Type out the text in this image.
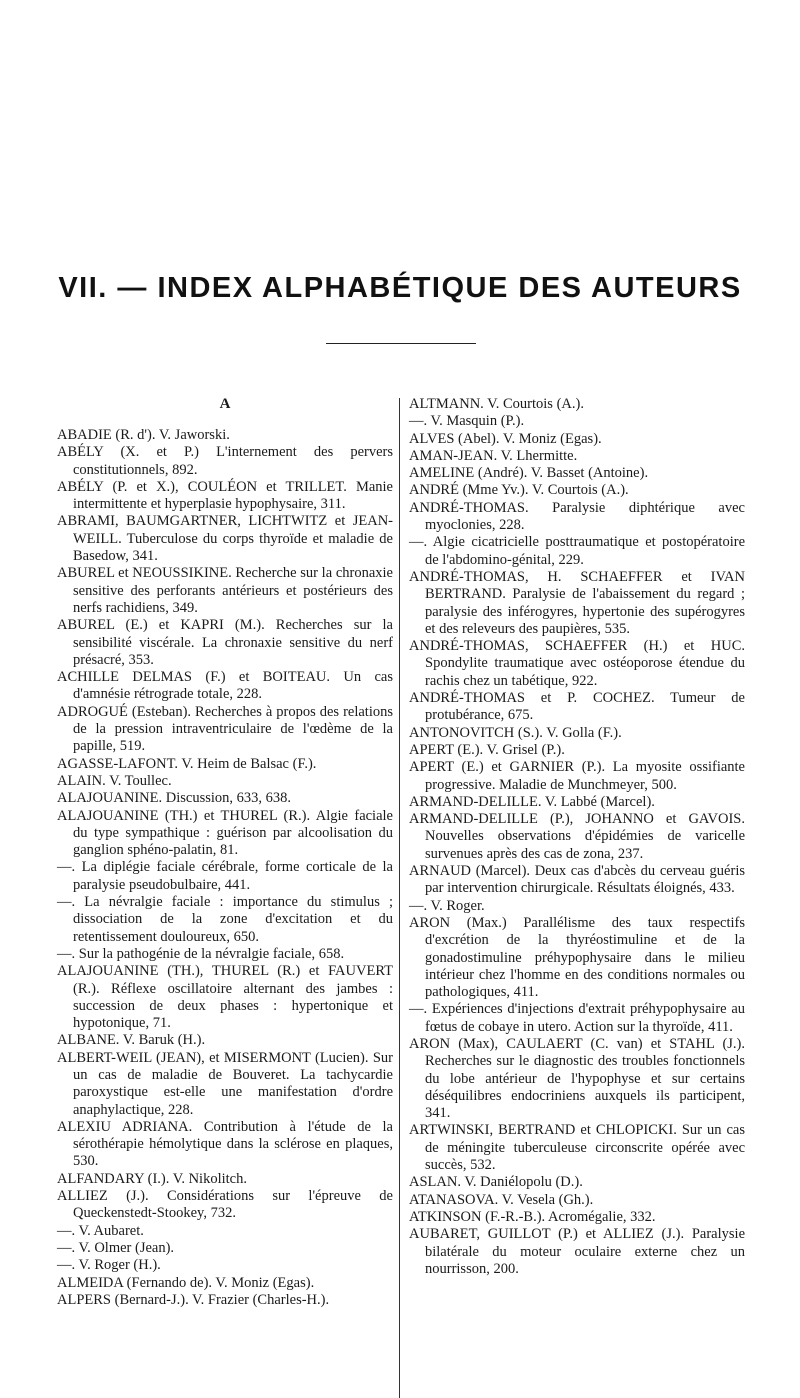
VII. — INDEX ALPHABÉTIQUE DES AUTEURS
A

ABADIE (R. d'). V. Jaworski.

ABÉLY (X. et P.) L'internement des pervers constitutionnels, 892.

ABÉLY (P. et X.), COULÉON et TRILLET. Manie intermittente et hyperplasie hypophysaire, 311.

ABRAMI, BAUMGARTNER, LICHTWITZ et JEAN-WEILL. Tuberculose du corps thyroïde et maladie de Basedow, 341.

ABUREL et NEOUSSIKINE. Recherche sur la chronaxie sensitive des perforants antérieurs et postérieurs des nerfs rachidiens, 349.

ABUREL (E.) et KAPRI (M.). Recherches sur la sensibilité viscérale. La chronaxie sensitive du nerf présacré, 353.

ACHILLE DELMAS (F.) et BOITEAU. Un cas d'amnésie rétrograde totale, 228.

ADROGUÉ (Esteban). Recherches à propos des relations de la pression intraventriculaire de l'œdème de la papille, 519.

AGASSE-LAFONT. V. Heim de Balsac (F.).

ALAIN. V. Toullec.

ALAJOUANINE. Discussion, 633, 638.

ALAJOUANINE (TH.) et THUREL (R.). Algie faciale du type sympathique : guérison par alcoolisation du ganglion sphéno-palatin, 81.

—. La diplégie faciale cérébrale, forme corticale de la paralysie pseudobulbaire, 441.

—. La névralgie faciale : importance du stimulus ; dissociation de la zone d'excitation et du retentissement douloureux, 650.

—. Sur la pathogénie de la névralgie faciale, 658.

ALAJOUANINE (TH.), THUREL (R.) et FAUVERT (R.). Réflexe oscillatoire alternant des jambes : succession de deux phases : hypertonique et hypotonique, 71.

ALBANE. V. Baruk (H.).

ALBERT-WEIL (JEAN), et MISERMONT (Lucien). Sur un cas de maladie de Bouveret. La tachycardie paroxystique est-elle une manifestation d'ordre anaphylactique, 228.

ALEXIU ADRIANA. Contribution à l'étude de la sérothérapie hémolytique dans la sclérose en plaques, 530.

ALFANDARY (I.). V. Nikolitch.

ALLIEZ (J.). Considérations sur l'épreuve de Queckenstedt-Stookey, 732.

—. V. Aubaret.

—. V. Olmer (Jean).

—. V. Roger (H.).

ALMEIDA (Fernando de). V. Moniz (Egas).

ALPERS (Bernard-J.). V. Frazier (Charles-H.).

ALTMANN. V. Courtois (A.).

—. V. Masquin (P.).

ALVES (Abel). V. Moniz (Egas).

AMAN-JEAN. V. Lhermitte.

AMELINE (André). V. Basset (Antoine).

ANDRÉ (Mme Yv.). V. Courtois (A.).

ANDRÉ-THOMAS. Paralysie diphtérique avec myoclonies, 228.

—. Algie cicatricielle posttraumatique et postopératoire de l'abdomino-génital, 229.

ANDRÉ-THOMAS, H. SCHAEFFER et IVAN BERTRAND. Paralysie de l'abaissement du regard ; paralysie des inférogyres, hypertonie des supérogyres et des releveurs des paupières, 535.

ANDRÉ-THOMAS, SCHAEFFER (H.) et HUC. Spondylite traumatique avec ostéoporose étendue du rachis chez un tabétique, 922.

ANDRÉ-THOMAS et P. COCHEZ. Tumeur de protubérance, 675.

ANTONOVITCH (S.). V. Golla (F.).

APERT (E.). V. Grisel (P.).

APERT (E.) et GARNIER (P.). La myosite ossifiante progressive. Maladie de Munchmeyer, 500.

ARMAND-DELILLE. V. Labbé (Marcel).

ARMAND-DELILLE (P.), JOHANNO et GAVOIS. Nouvelles observations d'épidémies de varicelle survenues après des cas de zona, 237.

ARNAUD (Marcel). Deux cas d'abcès du cerveau guéris par intervention chirurgicale. Résultats éloignés, 433.

—. V. Roger.

ARON (Max.) Parallélisme des taux respectifs d'excrétion de la thyréostimuline et de la gonadostimuline préhypophysaire dans le milieu intérieur chez l'homme en des conditions normales ou pathologiques, 411.

—. Expériences d'injections d'extrait préhypophysaire au fœtus de cobaye in utero. Action sur la thyroïde, 411.

ARON (Max), CAULAERT (C. van) et STAHL (J.). Recherches sur le diagnostic des troubles fonctionnels du lobe antérieur de l'hypophyse et sur certains déséquilibres endocriniens auxquels ils participent, 341.

ARTWINSKI, BERTRAND et CHLOPICKI. Sur un cas de méningite tuberculeuse circonscrite opérée avec succès, 532.

ASLAN. V. Daniélopolu (D.).

ATANASOVA. V. Vesela (Gh.).

ATKINSON (F.-R.-B.). Acromégalie, 332.

AUBARET, GUILLOT (P.) et ALLIEZ (J.). Paralysie bilatérale du moteur oculaire externe chez un nourrisson, 200.
